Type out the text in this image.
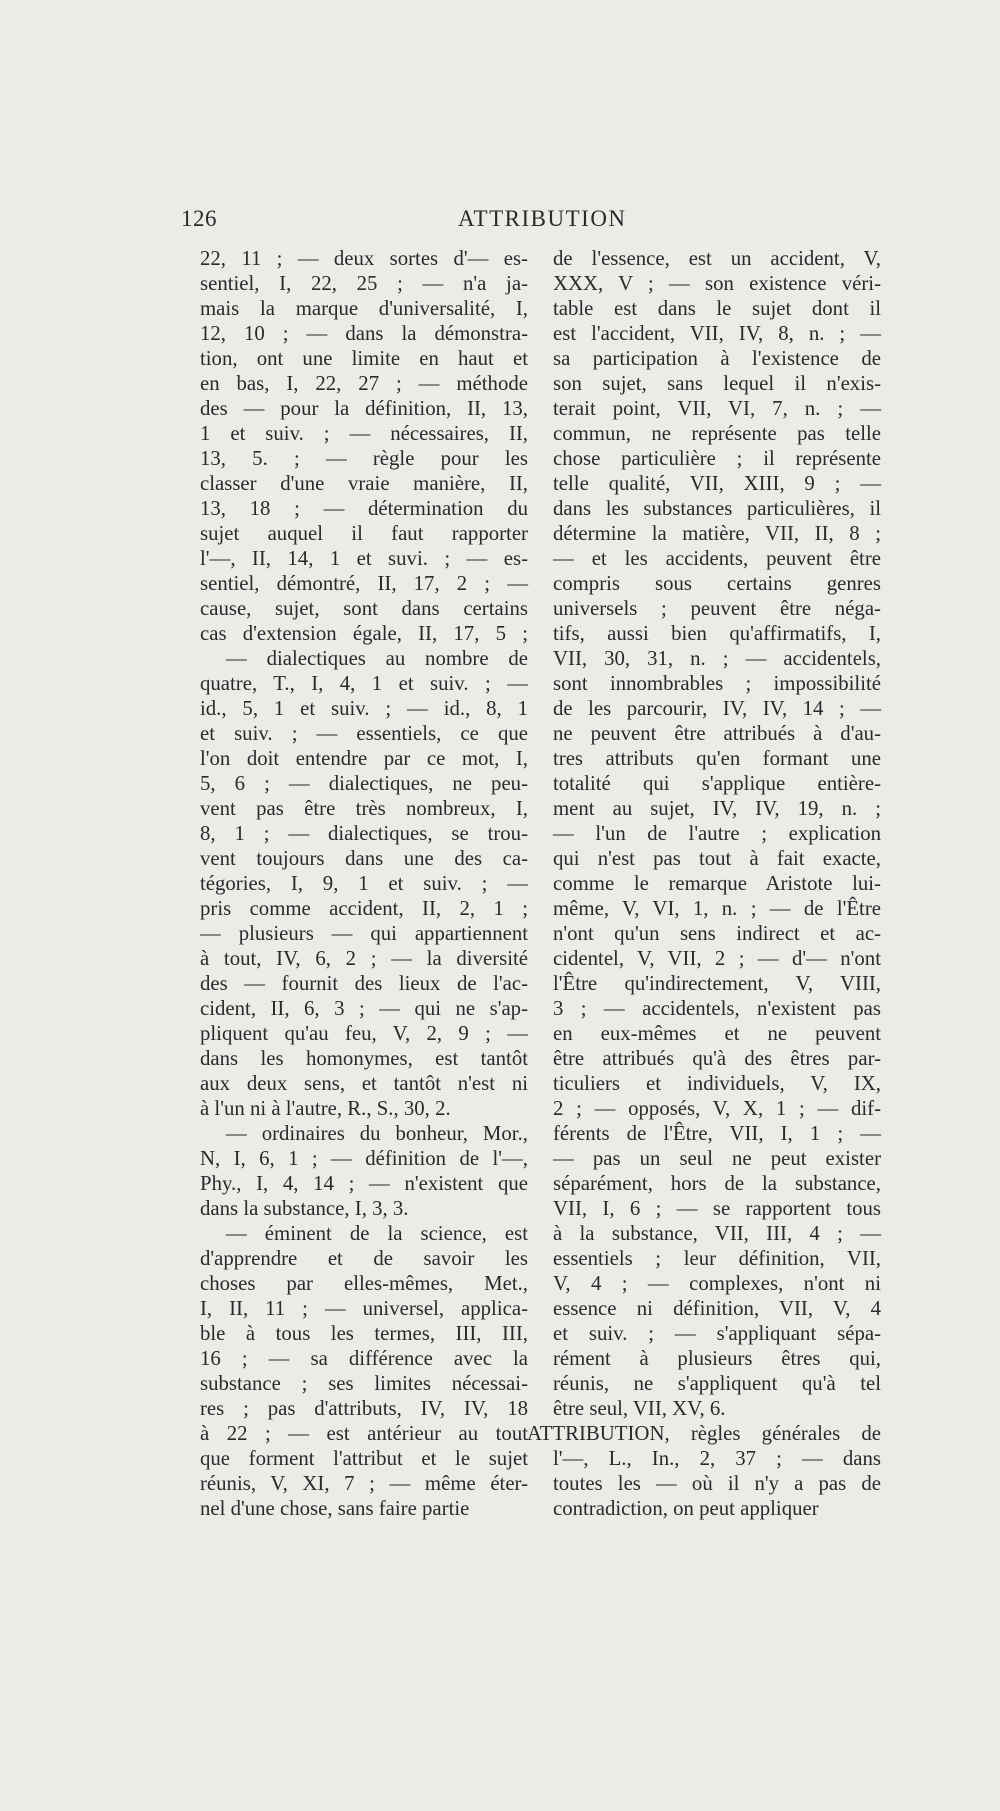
126	ATTRIBUTION
22, 11 ; — deux sortes d'— es-
sentiel, I, 22, 25 ; — n'a ja-
mais la marque d'universalité, I,
12, 10 ; — dans la démonstra-
tion, ont une limite en haut et
en bas, I, 22, 27 ; — méthode
des — pour la définition, II, 13,
1 et suiv. ; — nécessaires, II,
13, 5. ; — règle pour les
classer d'une vraie manière, II,
13, 18 ; — détermination du
sujet auquel il faut rapporter
l'—, II, 14, 1 et suvi. ; — es-
sentiel, démontré, II, 17, 2 ; —
cause, sujet, sont dans certains
cas d'extension égale, II, 17, 5 ;
— dialectiques au nombre de
quatre, T., I, 4, 1 et suiv. ; —
id., 5, 1 et suiv. ; — id., 8, 1
et suiv. ; — essentiels, ce que
l'on doit entendre par ce mot, I,
5, 6 ; — dialectiques, ne peu-
vent pas être très nombreux, I,
8, 1 ; — dialectiques, se trou-
vent toujours dans une des ca-
tégories, I, 9, 1 et suiv. ; —
pris comme accident, II, 2, 1 ;
— plusieurs — qui appartiennent
à tout, IV, 6, 2 ; — la diversité
des — fournit des lieux de l'ac-
cident, II, 6, 3 ; — qui ne s'ap-
pliquent qu'au feu, V, 2, 9 ; —
dans les homonymes, est tantôt
aux deux sens, et tantôt n'est ni
à l'un ni à l'autre, R., S., 30, 2.
— ordinaires du bonheur, Mor.,
N, I, 6, 1 ; — définition de l'—,
Phy., I, 4, 14 ; — n'existent que
dans la substance, I, 3, 3.
— éminent de la science, est
d'apprendre et de savoir les
choses par elles-mêmes, Met.,
I, II, 11 ; — universel, applica-
ble à tous les termes, III, III,
16 ; — sa différence avec la
substance ; ses limites nécessai-
res ; pas d'attributs, IV, IV, 18
à 22 ; — est antérieur au tout
que forment l'attribut et le sujet
réunis, V, XI, 7 ; — même éter-
nel d'une chose, sans faire partie
de l'essence, est un accident, V,
XXX, V ; — son existence véri-
table est dans le sujet dont il
est l'accident, VII, IV, 8, n. ; —
sa participation à l'existence de
son sujet, sans lequel il n'exis-
terait point, VII, VI, 7, n. ; —
commun, ne représente pas telle
chose particulière ; il représente
telle qualité, VII, XIII, 9 ; —
dans les substances particulières, il
détermine la matière, VII, II, 8 ;
— et les accidents, peuvent être
compris sous certains genres
universels ; peuvent être néga-
tifs, aussi bien qu'affirmatifs, I,
VII, 30, 31, n. ; — accidentels,
sont innombrables ; impossibilité
de les parcourir, IV, IV, 14 ; —
ne peuvent être attribués à d'au-
tres attributs qu'en formant une
totalité qui s'applique entière-
ment au sujet, IV, IV, 19, n. ;
— l'un de l'autre ; explication
qui n'est pas tout à fait exacte,
comme le remarque Aristote lui-
même, V, VI, 1, n. ; — de l'Être
n'ont qu'un sens indirect et ac-
cidentel, V, VII, 2 ; — d'— n'ont
l'Être qu'indirectement, V, VIII,
3 ; — accidentels, n'existent pas
en eux-mêmes et ne peuvent
être attribués qu'à des êtres par-
ticuliers et individuels, V, IX,
2 ; — opposés, V, X, 1 ; — dif-
férents de l'Être, VII, I, 1 ; —
— pas un seul ne peut exister
séparément, hors de la substance,
VII, I, 6 ; — se rapportent tous
à la substance, VII, III, 4 ; —
essentiels ; leur définition, VII,
V, 4 ; — complexes, n'ont ni
essence ni définition, VII, V, 4
et suiv. ; — s'appliquant sépa-
rément à plusieurs êtres qui,
réunis, ne s'appliquent qu'à tel
être seul, VII, XV, 6.
ATTRIBUTION, règles générales de
l'—, L., In., 2, 37 ; — dans
toutes les — où il n'y a pas de
contradiction, on peut appliquer
